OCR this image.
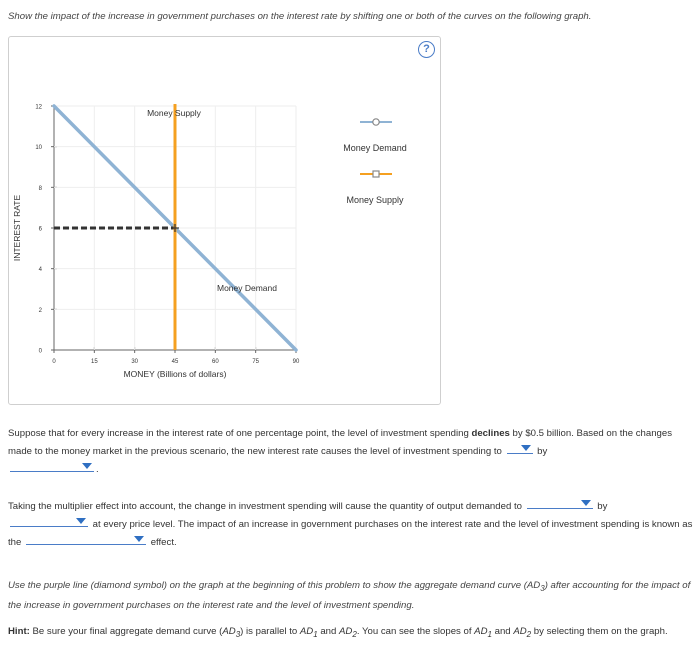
Show the impact of the increase in government purchases on the interest rate by shifting one or both of the curves on the following graph.
?
12
10
8
6
4
2
0
0	15	30	45	60	75	90
INTEREST RATE
MONEY (Billions of dollars)
Money Supply
Money Demand
Money Demand
Money Supply
Suppose that for every increase in the interest rate of one percentage point, the level of investment spending declines by $0.5 billion. Based on the changes made to the money market in the previous scenario, the new interest rate causes the level of investment spending to	by

.
Taking the multiplier effect into account, the change in investment spending will cause the quantity of output demanded to	by

at every price level. The impact of an increase in government purchases on the interest rate and the level of investment spending is known as the	effect.
Use the purple line (diamond symbol) on the graph at the beginning of this problem to show the aggregate demand curve $(AD_3)$ after accounting for the impact of the increase in government purchases on the interest rate and the level of investment spending.
Hint: Be sure your final aggregate demand curve $(AD_3)$ is parallel to $AD_1$ and $AD_2$. You can see the slopes of $AD_1$ and $AD_2$ by selecting them on the graph.
